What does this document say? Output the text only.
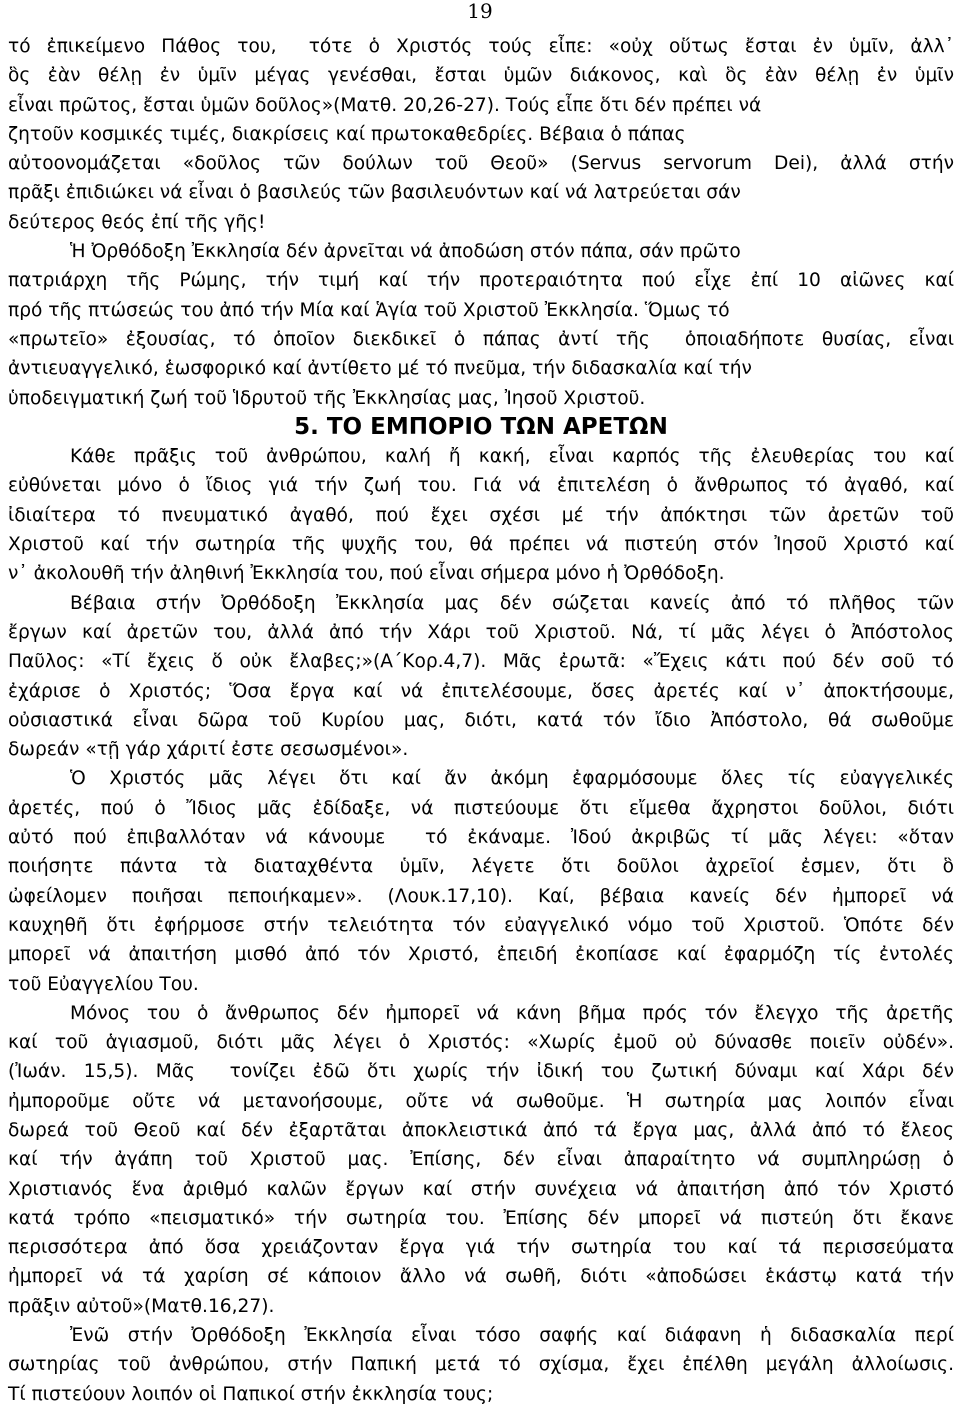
19
τό ἐπικείμενο Πάθος του,  τότε ὁ Χριστός τούς εἶπε: «οὐχ οὕτως ἔσται ἐν ὑμῖν, ἀλλ᾽
ὃς ἐὰν θέλῃ ἐν ὑμῖν μέγας γενέσθαι, ἔσται ὑμῶν διάκονος, καὶ ὃς ἐὰν θέλῃ ἐν ὑμῖν
εἶναι πρῶτος, ἔσται ὑμῶν δοῦλος»(Ματθ. 20,26-27). Τούς εἶπε ὅτι δέν πρέπει νά
ζητοῦν κοσμικές τιμές, διακρίσεις καί πρωτοκαθεδρίες. Βέβαια ὁ πάπας
αὐτοονομάζεται «δοῦλος τῶν δούλων τοῦ Θεοῦ» (Servus servorum Dei), ἀλλά στήν
πρᾶξι ἐπιδιώκει νά εἶναι ὁ βασιλεύς τῶν βασιλευόντων καί νά λατρεύεται σάν
δεύτερος θεός ἐπί τῆς γῆς!
Ἡ Ὀρθόδοξη Ἐκκλησία δέν ἀρνεῖται νά ἀποδώση στόν πάπα, σάν πρῶτο
πατριάρχη τῆς Ρώμης, τήν τιμή καί τήν προτεραιότητα πού εἶχε ἐπί 10 αἰῶνες καί
πρό τῆς πτώσεώς του ἀπό τήν Μία καί Ἁγία τοῦ Χριστοῦ Ἐκκλησία. Ὅμως τό
«πρωτεῖο» ἐξουσίας, τό ὁποῖον διεκδικεῖ ὁ πάπας ἀντί τῆς  ὁποιαδήποτε θυσίας, εἶναι
ἀντιευαγγελικό, ἑωσφορικό καί ἀντίθετο μέ τό πνεῦμα, τήν διδασκαλία καί τήν
ὑποδειγματική ζωή τοῦ Ἱδρυτοῦ τῆς Ἐκκλησίας μας, Ἰησοῦ Χριστοῦ.
5. ΤΟ ΕΜΠΟΡΙΟ ΤΩΝ ΑΡΕΤΩΝ
Κάθε πρᾶξις τοῦ ἀνθρώπου, καλή ἤ κακή, εἶναι καρπός τῆς ἐλευθερίας του καί
εὐθύνεται μόνο ὁ ἴδιος γιά τήν ζωή του. Γιά νά ἐπιτελέση ὁ ἄνθρωπος τό ἀγαθό, καί
ἰδιαίτερα τό πνευματικό ἀγαθό, πού ἔχει σχέσι μέ τήν ἀπόκτησι τῶν ἀρετῶν τοῦ
Χριστοῦ καί τήν σωτηρία τῆς ψυχῆς του, θά πρέπει νά πιστεύη στόν Ἰησοῦ Χριστό καί
ν᾽ ἀκολουθῆ τήν ἀληθινή Ἐκκλησία του, πού εἶναι σήμερα μόνο ἡ Ὀρθόδοξη.
Βέβαια στήν Ὀρθόδοξη Ἐκκλησία μας δέν σώζεται κανείς ἀπό τό πλῆθος τῶν
ἔργων καί ἀρετῶν του, ἀλλά ἀπό τήν Χάρι τοῦ Χριστοῦ. Νά, τί μᾶς λέγει ὁ Ἀπόστολος
Παῦλος: «Τί ἔχεις ὅ οὐκ ἔλαβες;»(Α΄Κορ.4,7). Μᾶς ἐρωτᾶ: «Ἔχεις κάτι πού δέν σοῦ τό
ἐχάρισε ὁ Χριστός; Ὅσα ἔργα καί νά ἐπιτελέσουμε, ὅσες ἀρετές καί ν᾽ ἀποκτήσουμε,
οὐσιαστικά εἶναι δῶρα τοῦ Κυρίου μας, διότι, κατά τόν ἴδιο Ἀπόστολο, θά σωθοῦμε
δωρεάν «τῇ γάρ χάριτί ἐστε σεσωσμένοι».
Ὁ Χριστός μᾶς λέγει ὅτι καί ἄν ἀκόμη ἐφαρμόσουμε ὅλες τίς εὐαγγελικές
ἀρετές, πού ὁ Ἴδιος μᾶς ἐδίδαξε, νά πιστεύουμε ὅτι εἴμεθα ἄχρηστοι δοῦλοι, διότι
αὐτό πού ἐπιβαλλόταν νά κάνουμε  τό ἐκάναμε. Ἰδού ἀκριβῶς τί μᾶς λέγει: «ὅταν
ποιήσητε πάντα τὰ διαταχθέντα ὑμῖν, λέγετε ὅτι δοῦλοι ἀχρεῖοί ἐσμεν, ὅτι ὃ
ὠφείλομεν ποιῆσαι πεποιήκαμεν». (Λουκ.17,10). Καί, βέβαια κανείς δέν ἠμπορεῖ νά
καυχηθῆ ὅτι ἐφήρμοσε στήν τελειότητα τόν εὐαγγελικό νόμο τοῦ Χριστοῦ. Ὁπότε δέν
μπορεῖ νά ἀπαιτήση μισθό ἀπό τόν Χριστό, ἐπειδή ἐκοπίασε καί ἐφαρμόζη τίς ἐντολές
τοῦ Εὐαγγελίου Του.
Μόνος του ὁ ἄνθρωπος δέν ἠμπορεῖ νά κάνη βῆμα πρός τόν ἔλεγχο τῆς ἀρετῆς
καί τοῦ ἁγιασμοῦ, διότι μᾶς λέγει ὁ Χριστός: «Χωρίς ἐμοῦ οὐ δύνασθε ποιεῖν οὐδέν».
(Ἰωάν. 15,5). Μᾶς  τονίζει ἐδῶ ὅτι χωρίς τήν ἰδική του ζωτική δύναμι καί Χάρι δέν
ἠμποροῦμε οὔτε νά μετανοήσουμε, οὔτε νά σωθοῦμε. Ἡ σωτηρία μας λοιπόν εἶναι
δωρεά τοῦ Θεοῦ καί δέν ἐξαρτᾶται ἀποκλειστικά ἀπό τά ἔργα μας, ἀλλά ἀπό τό ἔλεος
καί τήν ἀγάπη τοῦ Χριστοῦ μας. Ἐπίσης, δέν εἶναι ἀπαραίτητο νά συμπληρώσῃ ὁ
Χριστιανός ἕνα ἀριθμό καλῶν ἔργων καί στήν συνέχεια νά ἀπαιτήση ἀπό τόν Χριστό
κατά τρόπο «πεισματικό» τήν σωτηρία του. Ἐπίσης δέν μπορεῖ νά πιστεύη ὅτι ἔκανε
περισσότερα ἀπό ὅσα χρειάζονταν ἔργα γιά τήν σωτηρία του καί τά περισσεύματα
ἠμπορεῖ νά τά χαρίση σέ κάποιον ἄλλο νά σωθῆ, διότι «ἀποδώσει ἑκάστῳ κατά τήν
πρᾶξιν αὐτοῦ»(Ματθ.16,27).
Ἐνῶ στήν Ὀρθόδοξη Ἐκκλησία εἶναι τόσο σαφής καί διάφανη ἡ διδασκαλία περί
σωτηρίας τοῦ ἀνθρώπου, στήν Παπική μετά τό σχίσμα, ἔχει ἐπέλθη μεγάλη ἀλλοίωσις.
Τί πιστεύουν λοιπόν οἱ Παπικοί στήν ἐκκλησία τους;
